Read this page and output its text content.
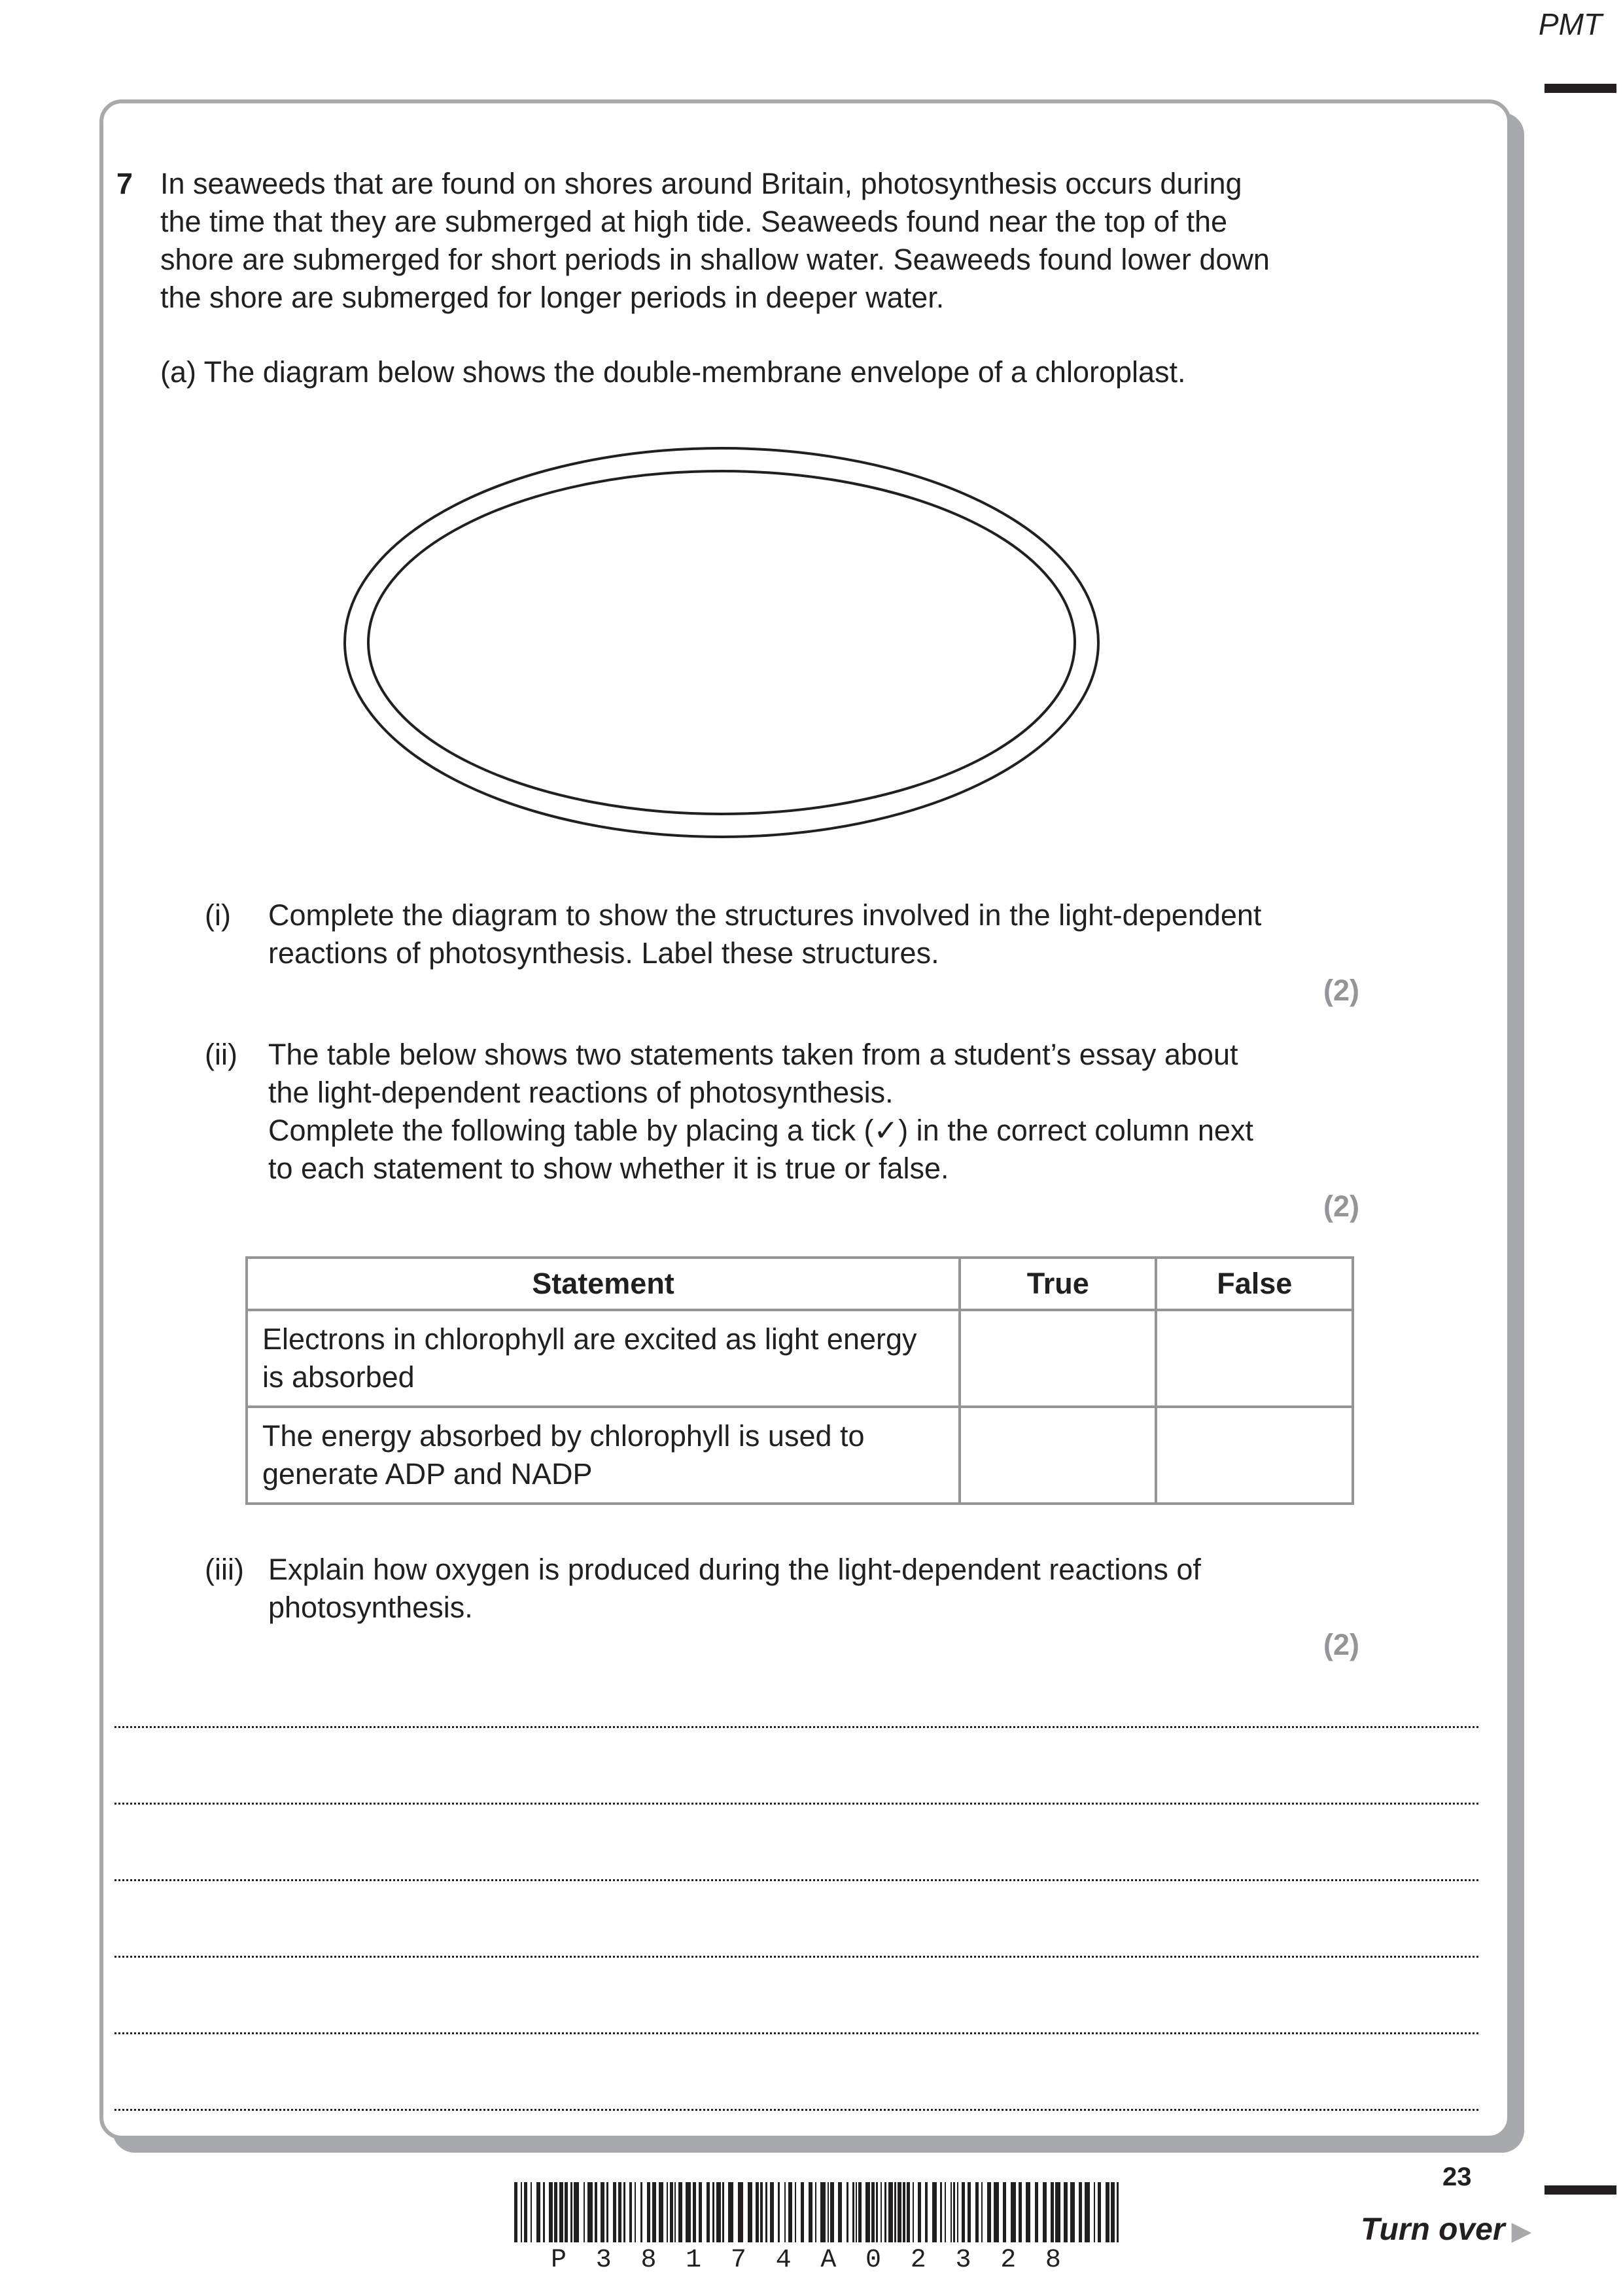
PMT
7 In seaweeds that are found on shores around Britain, photosynthesis occurs during
the time that they are submerged at high tide. Seaweeds found near the top of the
shore are submerged for short periods in shallow water. Seaweeds found lower down
the shore are submerged for longer periods in deeper water.
(a) The diagram below shows the double-membrane envelope of a chloroplast.
(i) Complete the diagram to show the structures involved in the light-dependent
reactions of photosynthesis. Label these structures.
(2)
(ii) The table below shows two statements taken from a student’s essay about
the light-dependent reactions of photosynthesis.
Complete the following table by placing a tick (✓) in the correct column next
to each statement to show whether it is true or false.
(2)
Statement	True	False
Electrons in chlorophyll are excited as light energy is absorbed		
The energy absorbed by chlorophyll is used to generate ADP and NADP		
(iii) Explain how oxygen is produced during the light-dependent reactions of
photosynthesis.
(2)
P 3 8 1 7 4 A 0 2 3 2 8
23
Turn over ▶
